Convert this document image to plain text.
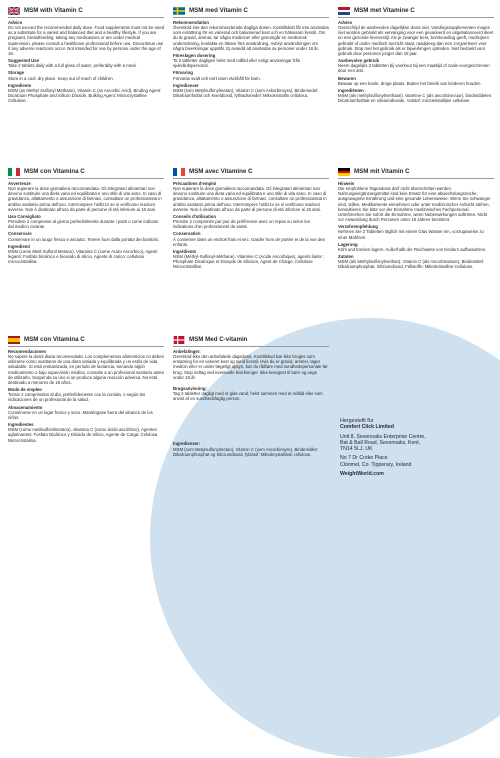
MSM with Vitamin C
Advice

Do not exceed the recommended daily dose. Food supplements must not be used as a substitute for a varied and balanced diet and a healthy lifestyle. If you are pregnant, breastfeeding, taking any medications or are under medical supervision, please consult a healthcare professional before use. Discontinue use if any adverse reactions occur. Not intended for use by persons under the age of 18.

Suggested Use

Take 2 tablets daily with a full glass of water, preferably with a meal.

Storage

Store in a cool, dry place. Keep out of reach of children.

Ingredients

MSM (as Methyl Sulfonyl Methane), Vitamin C (as Ascorbic Acid), Binding Agent: Dicalcium Phosphate and Silicon Dioxide, Bulking Agent: Microcrystalline Cellulose.

MSM med Vitamin C
Rekommendation

Överskrid inte den rekommenderade dagliga dosen. Kosttillskott får inte användas som ersättning för en varierad och balanserad kost och en hälsosam livsstil. Om du är gravid, ammar, tar några mediciner eller genomgår en medicinsk undersökning, kontakta en läkare före användning. Avbryt användningen om några biverkningar uppstår. Ej avsedd att användas av personer under 18 år.

Föreslagen dosering

Ta 2 tabletter dagligen helst med måltid eller enligt anvisningar från sjukvårdspersonal.

Förvaring

Förvaras svalt och torrt utom räckhåll för barn.

Ingredienser

MSM (som Metylsulfonylmetan), Vitamin C (som Askorbinsyra), Bindemedel: Dikalciumfosfat och Kiseldioxid, fyllnadsmedel: Mikrokristallin cellulosa.

MSM met Vitamine C
Advies

Overschrijd de aanbevolen dagelijkse dosis niet. Voedingssupplementen mogen niet worden gebruikt als vervanging voor een gevarieerd en uitgebalanceerd dieet en een gezonde levensstijl. Als je zwanger bent, borstvoeding geeft, medicijnen gebruikt of onder medisch toezicht staat, raadpleeg dan een zorgverlener voor gebruik. Stop met het gebruik als er bijwerkingen optreden. Niet bedoeld voor gebruik door personen jonger dan 18 jaar.

Aanbevolen gebruik

Neem dagelijks 2 tabletten bij voorkeur bij een maaltijd of zoals voorgeschreven door een arts.

Bewaren

Bewaar op een koele, droge plaats. Buiten het bereik van kinderen houden.

Ingrediënten

MSM (als methylsulfonylmethaan), vitamine C (als ascorbinezuur), bindmiddelen: Dicalciumfosfaat en siliciumdioxide, Vulstof: microkristallijne cellulose.

MSM con Vitamina C
Avvertenze

Non superare la dose giornaliera raccomandata. Gli integratori alimentari non devono sostituire una dieta varia ed equilibrata e uno stile di vita sano. In caso di gravidanza, allattamento o assunzione di farmaci, consultare un professionista in ambito sanitario prima dell'uso. Interrompere l'utilizzo se si verificano reazioni avverse. Non è destinato all'uso da parte di persone di età inferiore ai 18 anni.

Uso Consigliato

Prendere 2 compresse al giorno preferibilmente durante i pasti o come indicato dal medico curante.

Conservare

Conservare in un luogo fresco e asciutto. Tenere fuori dalla portata dei bambini.

Ingredienti

MSM (come Metil Sulfonil Metano), Vitamina C (come Acido Ascorbico), Agenti leganti: Fosfato bicalcico e biossido di silicio, Agente di carico: cellulosa microcristallina.

MSM avec Vitamine C
Précautions d'emploi

Non superare la dose giornaliera raccomandata. Gli integratori alimentari non devono sostituire una dieta varia ed equilibrata e uno stile di vita sano. In caso di gravidanza, allattamento o assunzione di farmaci, consultare un professionista in ambito sanitario prima dell'uso. Interrompere l'utilizzo se si verificano reazioni avverse. Non è destinato all'uso da parte di persone di età inferiore ai 18 anni.

Conseils d'utilisation

Prendre 2 comprimés par jour de préférence avec un repas ou selon les indications d'un professionnel de santé.

Conservation

À conserver dans un endroit frais et sec. Garder hors de portée et de la vue des enfants.

Ingrédients

MSM (Méthyl-Sulfonyl-Méthane), Vitamine C (Acide Ascorbique), agents liants : Phosphate Dicalcique et Dioxyde de Silicium, Agent de Charge: Cellulose Microcristalline.

MSM mit Vitamin C
Hinweis

Die empfohlene Tagesdosis darf nicht überschritten werden. Nahrungsergänzungsmittel sind kein Ersatz für eine abwechslungsreiche, ausgewogene Ernährung und eine gesunde Lebensweise. Wenn Sie schwanger sind, stillen, Medikamente einnehmen oder unter medizinischer Aufsicht stehen, konsultieren Sie bitte vor der Einnahme medizinisches Fachpersonal. Unterbrechen Sie sofort die Einnahme, wenn Nebenwirkungen auftreten. Nicht zur Anwendung durch Personen unter 18 Jahren bestimmt.

Verzehrempfehlung

Nehmen Sie 2 Tabletten täglich mit einem Glas Wasser ein, vorzugsweise zu einer Mahlzeit.

Lagerung

Kühl und trocken lagern. Außerhalb der Reichweite von Kindern aufbewahren.

Zutaten

MSM (als Methylsulfonylmethan), Vitamin C (als Ascorbinsäure), Bindemittel: Dikalziumphosphat, Siliziumdioxid, Füllstoffe: Mikrokristalline Cellulose.

MSM con Vitamina C
Recomendaciones

No supere la dosis diaria recomendada. Los complementos alimenticios no deben utilizarse como sustitutos de una dieta variada y equilibrada y un estilo de vida saludable. Si está embarazada, en período de lactancia, tomando algún medicamento o bajo supervisión médica, consulte a un profesional sanitario antes de utilizarlo. Suspenda su uso si se produce alguna reacción adversa. No está destinado a menores de 18 años.

Modo de empleo

Tomar 2 comprimidos al día, preferiblemente con la comida, o según las indicaciones de un profesional de la salud.

Almacenamiento

Consérvese en un lugar fresco y seco. Manténgase fuera del alcance de los niños.

Ingredientes

MSM (como metilsulfonilmetano), vitamina C (como ácido ascórbico), Agentes aglutinantes: Fosfato Dicálcico y Dióxido de Silicio, Agente de Carga: Celulosa Microcristalina.

MSM Med C-vitamin
Anbefalinger:

Overskrid ikke den anbefalede dagsdosis. Kosttilskud bør ikke bruges som erstatning for en varieret kost og sund livsstil. Hvis du er gravid, ammer, tager medicin eller er under lægeligt opsyn, bør du rådføre med sundhedspersonale før brug. Stop indtag ved eventuelle bivirkninger. Ikke beregnet til børn og unge under 18 år.

Brugsanvisning:

Tag 2 tabletter dagligt med et glas vand, helst sammen med et måltid eller som anvist af en sundhedsfaglig person.

Ingredienser:

MSM (som Metylsulfonylmetan), Vitamin C (som Ascorbinsyre), Bindemidler: Dikalciumphosphat og Siliciumdioxid, fyldstof: Mikrokrystallinsk cellulose.

Hergestellt für
Comfort Click Limited
Unit 8, Sevenoaks Enterprise Centre,
Bat & Ball Road, Sevenoaks, Kent,
TN14 5LJ, UK
No 7 Dr Croke Place
Clonmel, Co. Tipperary, Ireland
WeightWorld.com
